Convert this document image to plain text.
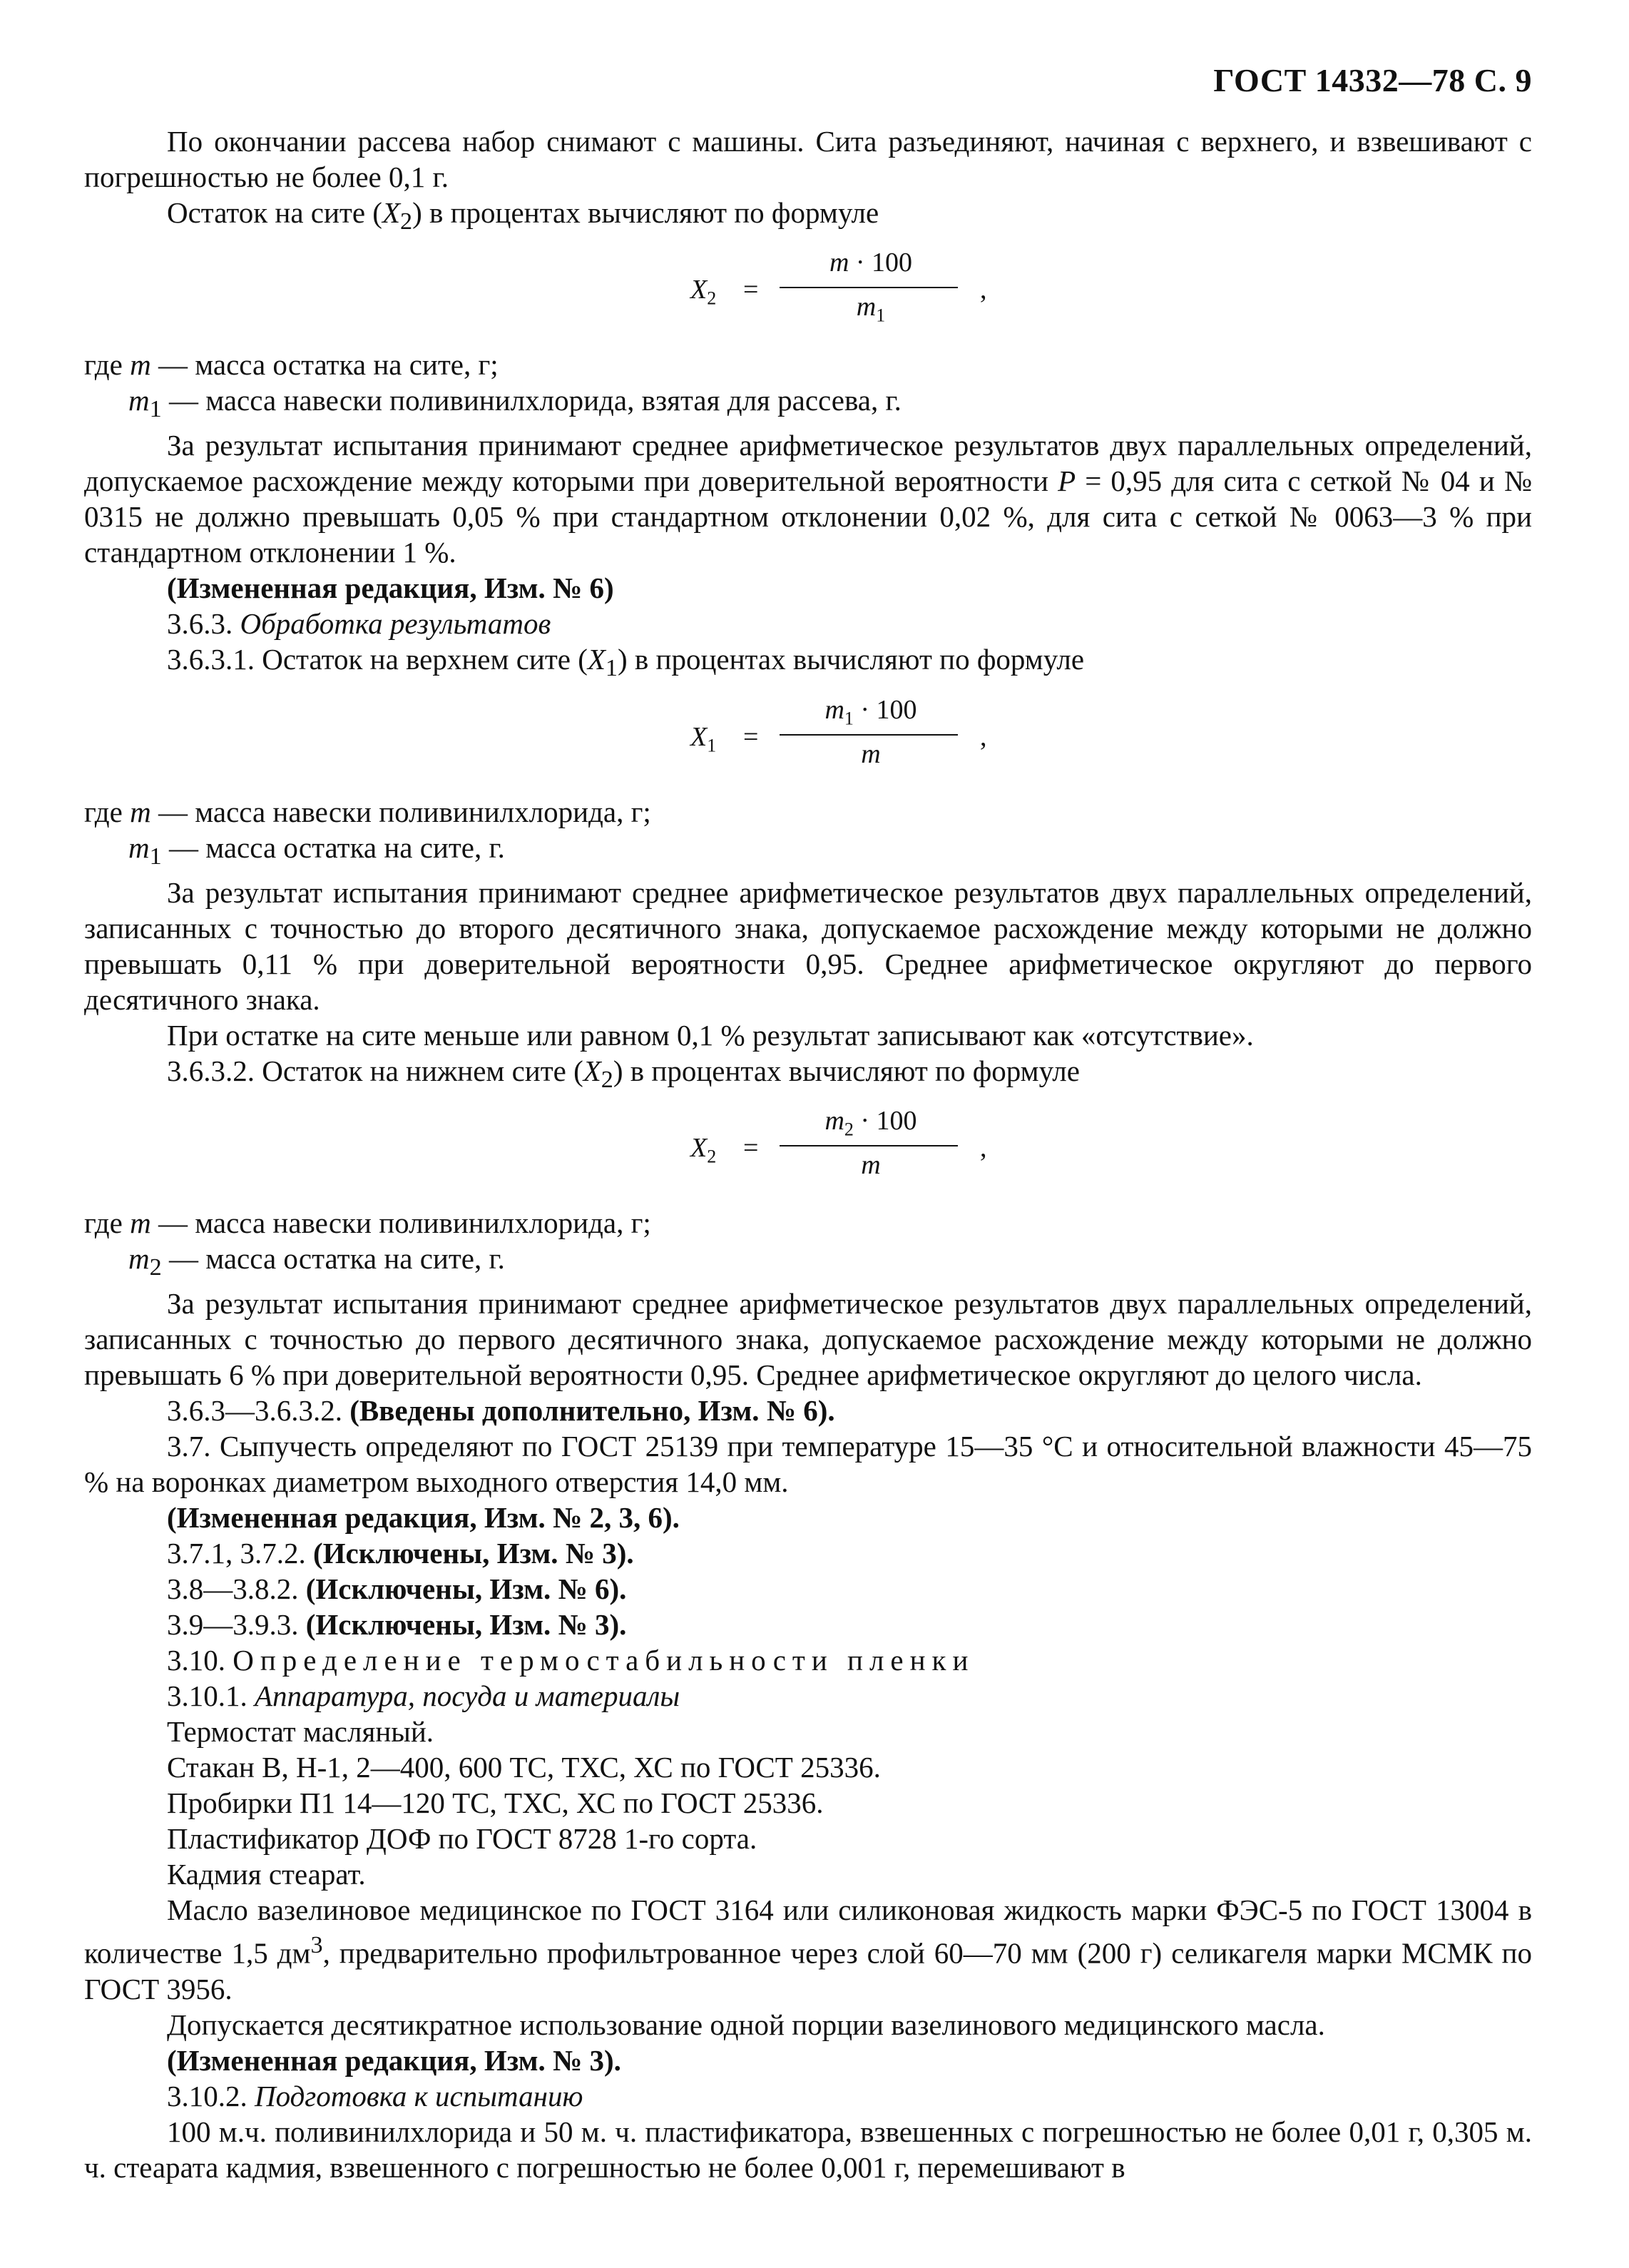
ГОСТ 14332—78 С. 9

По окончании рассева набор снимают с машины. Сита разъединяют, начиная с верхнего, и взвешивают с погрешностью не более 0,1 г.

Остаток на сите $(X_2)$ в процентах вычисляют по формуле

$X_2$ =
m · 100
$m_1$
,

где m — масса остатка на сите, г;

$m_1$ — масса навески поливинилхлорида, взятая для рассева, г.

За результат испытания принимают среднее арифметическое результатов двух параллельных определений, допускаемое расхождение между которыми при доверительной вероятности P = 0,95 для сита с сеткой № 04 и № 0315 не должно превышать 0,05 % при стандартном отклонении 0,02 %, для сита с сеткой № 0063—3 % при стандартном отклонении 1 %.

(Измененная редакция, Изм. № 6)

3.6.3. Обработка результатов

3.6.3.1. Остаток на верхнем сите $(X_1)$ в процентах вычисляют по формуле

$X_1$ =
$m_1 \cdot 100$
m
,

где m — масса навески поливинилхлорида, г;

$m_1$ — масса остатка на сите, г.

За результат испытания принимают среднее арифметическое результатов двух параллельных определений, записанных с точностью до второго десятичного знака, допускаемое расхождение между которыми не должно превышать 0,11 % при доверительной вероятности 0,95. Среднее арифметическое округляют до первого десятичного знака.

При остатке на сите меньше или равном 0,1 % результат записывают как «отсутствие».

3.6.3.2. Остаток на нижнем сите $(X_2)$ в процентах вычисляют по формуле

$X_2$ =
$m_2 \cdot 100$
m
,

где m — масса навески поливинилхлорида, г;

$m_2$ — масса остатка на сите, г.

За результат испытания принимают среднее арифметическое результатов двух параллельных определений, записанных с точностью до первого десятичного знака, допускаемое расхождение между которыми не должно превышать 6 % при доверительной вероятности 0,95. Среднее арифметическое округляют до целого числа.

3.6.3—3.6.3.2. (Введены дополнительно, Изм. № 6).

3.7. Сыпучесть определяют по ГОСТ 25139 при температуре 15—35 °С и относительной влажности 45—75 % на воронках диаметром выходного отверстия 14,0 мм.

(Измененная редакция, Изм. № 2, 3, 6).

3.7.1, 3.7.2. (Исключены, Изм. № 3).

3.8—3.8.2. (Исключены, Изм. № 6).

3.9—3.9.3. (Исключены, Изм. № 3).

3.10. Определение термостабильности пленки

3.10.1. Аппаратура, посуда и материалы

Термостат масляный.

Стакан В, Н-1, 2—400, 600 ТС, ТХС, ХС по ГОСТ 25336.

Пробирки П1 14—120 ТС, ТХС, ХС по ГОСТ 25336.

Пластификатор ДОФ по ГОСТ 8728 1-го сорта.

Кадмия стеарат.

Масло вазелиновое медицинское по ГОСТ 3164 или силиконовая жидкость марки ФЭС-5 по ГОСТ 13004 в количестве 1,5 $дм^3$, предварительно профильтрованное через слой 60—70 мм (200 г) селикагеля марки МСМК по ГОСТ 3956.

Допускается десятикратное использование одной порции вазелинового медицинского масла.

(Измененная редакция, Изм. № 3).

3.10.2. Подготовка к испытанию

100 м.ч. поливинилхлорида и 50 м. ч. пластификатора, взвешенных с погрешностью не более 0,01 г, 0,305 м. ч. стеарата кадмия, взвешенного с погрешностью не более 0,001 г, перемешивают в
